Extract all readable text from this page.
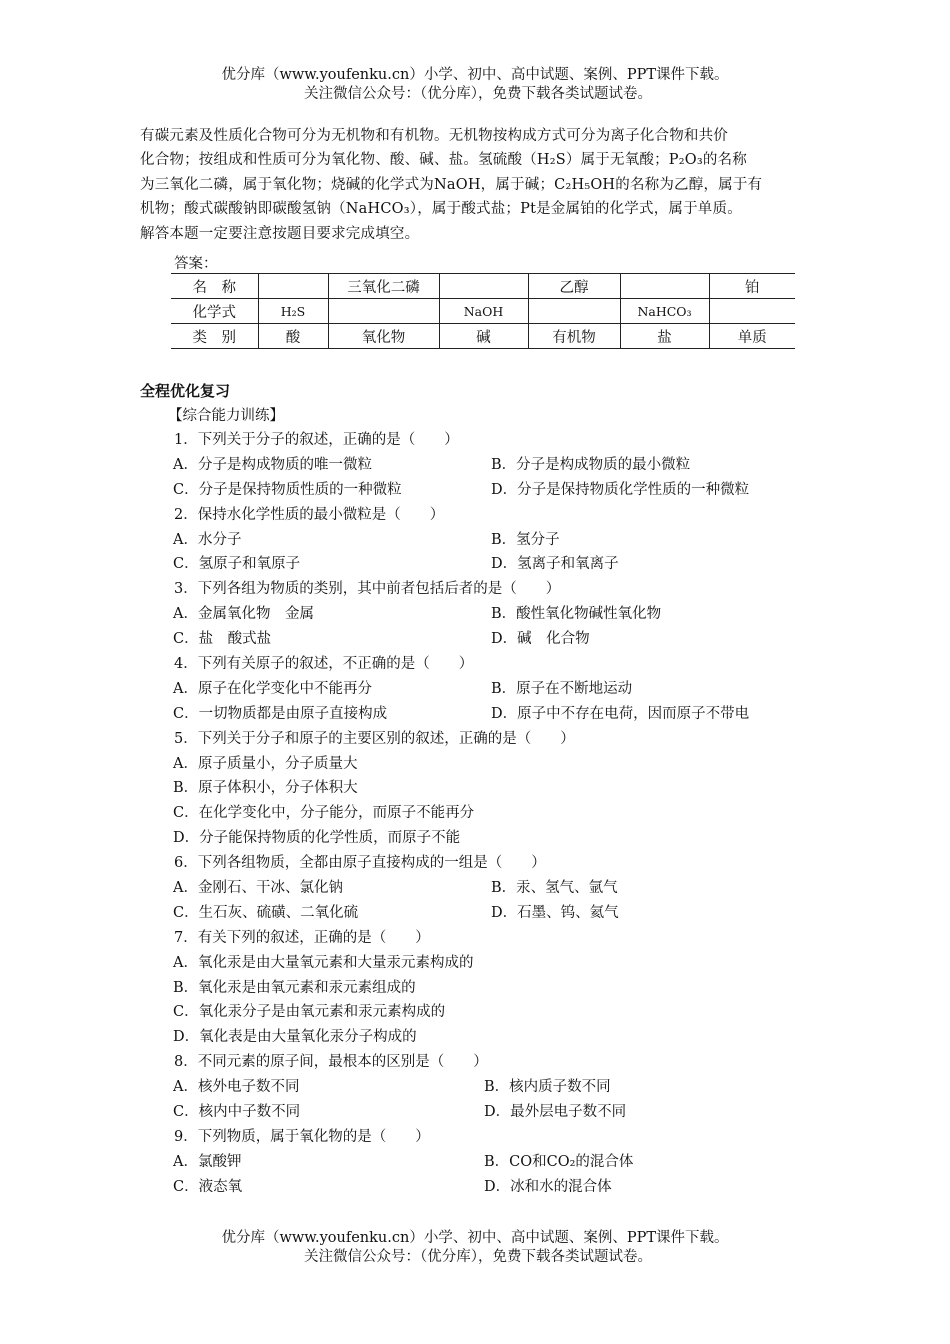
优分库（www.youfenku.cn）小学、初中、高中试题、案例、PPT课件下载。
关注微信公众号：（优分库），免费下载各类试题试卷。

有碳元素及性质化合物可分为无机物和有机物。无机物按构成方式可分为离子化合物和共价

化合物；按组成和性质可分为氧化物、酸、碱、盐。氢硫酸（H₂S）属于无氧酸；P₂O₃的名称

为三氧化二磷，属于氧化物；烧碱的化学式为NaOH，属于碱；C₂H₅OH的名称为乙醇，属于有

机物；酸式碳酸钠即碳酸氢钠（NaHCO₃），属于酸式盐；Pt是金属铂的化学式，属于单质。

解答本题一定要注意按题目要求完成填空。

答案：
名　称		三氧化二磷		乙醇		铂
化学式	H₂S		NaOH		NaHCO₃	
类　别	酸	氧化物	碱	有机物	盐	单质
全程优化复习
【综合能力训练】
1．下列关于分子的叙述，正确的是（　　）
A．分子是构成物质的唯一微粒	B．分子是构成物质的最小微粒
C．分子是保持物质性质的一种微粒	D．分子是保持物质化学性质的一种微粒
2．保持水化学性质的最小微粒是（　　）
A．水分子	B．氢分子
C．氢原子和氧原子	D．氢离子和氧离子
3．下列各组为物质的类别，其中前者包括后者的是（　　）
A．金属氧化物　金属	B．酸性氧化物碱性氧化物
C．盐　酸式盐	D．碱　化合物
4．下列有关原子的叙述，不正确的是（　　）
A．原子在化学变化中不能再分	B．原子在不断地运动
C．一切物质都是由原子直接构成	D．原子中不存在电荷，因而原子不带电
5．下列关于分子和原子的主要区别的叙述，正确的是（　　）
A．原子质量小，分子质量大
B．原子体积小，分子体积大
C．在化学变化中，分子能分，而原子不能再分
D．分子能保持物质的化学性质，而原子不能
6．下列各组物质，全都由原子直接构成的一组是（　　）
A．金刚石、干冰、氯化钠	B．汞、氢气、氩气
C．生石灰、硫磺、二氧化硫	D．石墨、钨、氦气
7．有关下列的叙述，正确的是（　　）
A．氧化汞是由大量氧元素和大量汞元素构成的
B．氧化汞是由氧元素和汞元素组成的
C．氧化汞分子是由氧元素和汞元素构成的
D．氧化表是由大量氧化汞分子构成的
8．不同元素的原子间，最根本的区别是（　　）
A．核外电子数不同	B．核内质子数不同
C．核内中子数不同	D．最外层电子数不同
9．下列物质，属于氧化物的是（　　）
A．氯酸钾	B．CO和CO₂的混合体
C．液态氧	D．冰和水的混合体
优分库（www.youfenku.cn）小学、初中、高中试题、案例、PPT课件下载。
关注微信公众号：（优分库），免费下载各类试题试卷。
